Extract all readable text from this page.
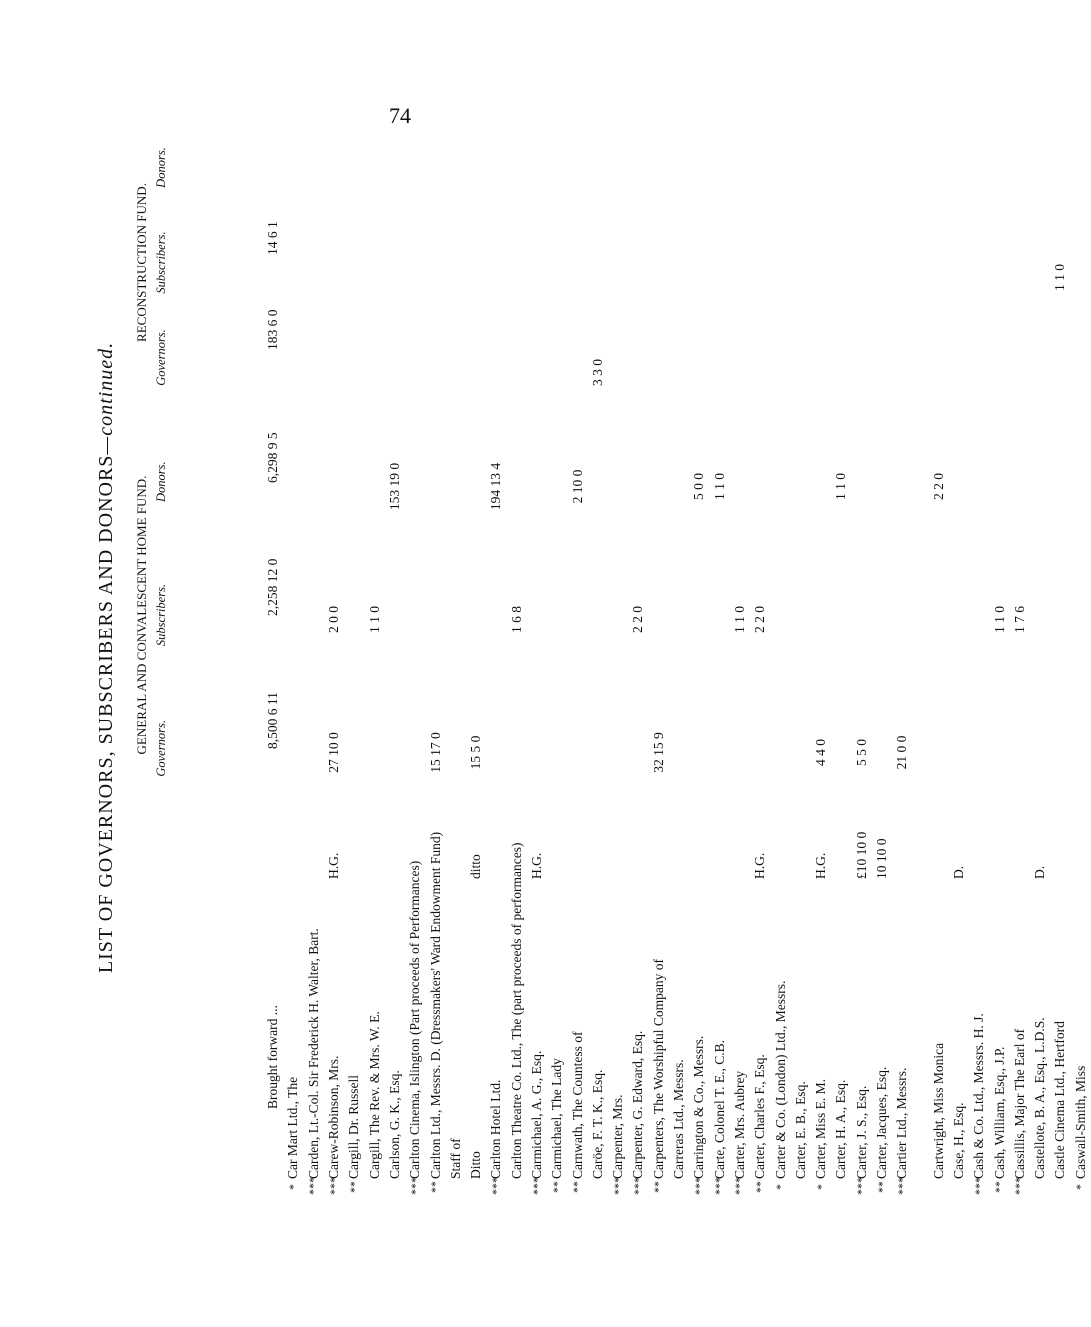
74
LIST OF GOVERNORS, SUBSCRIBERS AND DONORS—continued.
GENERAL AND CONVALESCENT HOME FUND. Governors.
Subscribers.
Donors.
RECONSTRUCTION FUND.
Governors.
Subscribers.
Donors.
Brought forward ...
8,500 6 11
2,258 12 0
6,298 9 5
183 6 0
14 6 1
*
Car Mart Ltd., The
***
Carden, Lt.-Col. Sir Frederick H. Walter, Bart.
***
Carew-Robinson, Mrs.
H.G.
27 10 0
2 0 0
**
Cargill, Dr. Russell Cargill, The Rev. & Mrs. W. E.
1 1 0
Carlson, G. K., Esq.
153 19 0
***
Carlton Cinema, Islington (Part proceeds of Performances)
**
Carlton Ltd., Messrs. D. (Dressmakers' Ward Endowment Fund)
15 17 0
Staff of Ditto
ditto
15 5 0
***
Carlton Hotel Ltd.
194 13 4
Carlton Theatre Co. Ltd., The (part proceeds of performances)
1 6 8
***
Carmichael, A. G., Esq.
H.G.
**
Carmichael, The Lady
**
Carnwath, The Countess of
2 10 0
Caröe, F. T. K., Esq.
3 3 0
***
Carpenter, Mrs.
***
Carpenter, G. Edward, Esq.
2 2 0
**
Carpenters, The Worshipful Company of
32 15 9
Carreras Ltd., Messrs.
***
Carrington & Co., Messrs.
5 0 0
***
Carte, Colonel T. E., C.B.
1 1 0
***
Carter, Mrs. Aubrey
1 1 0
**
Carter, Charles F., Esq.
H.G.
2 2 0
*
Carter & Co. (London) Ltd., Messrs. Carter, E. B., Esq.
*
Carter, Miss E. M.
H.G.
4 4 0
Carter, H. A., Esq.
1 1 0
***
Carter, J. S., Esq.
£10 10 0
5 5 0
**
Carter, Jacques, Esq.
10 10 0
***
Cartier Ltd., Messrs.
21 0 0
Cartwright, Miss Monica
2 2 0
Case, H., Esq.
D.
***
Cash & Co. Ltd., Messrs. H. J.
**
Cash, William, Esq., J.P.
1 1 0
***
Cassillis, Major The Earl of
1 7 6
Castellote, B. A., Esq., L.D.S.
D.
Castle Cinema Ltd., Hertford
1 1 0
*
Caswall-Smith, Miss
